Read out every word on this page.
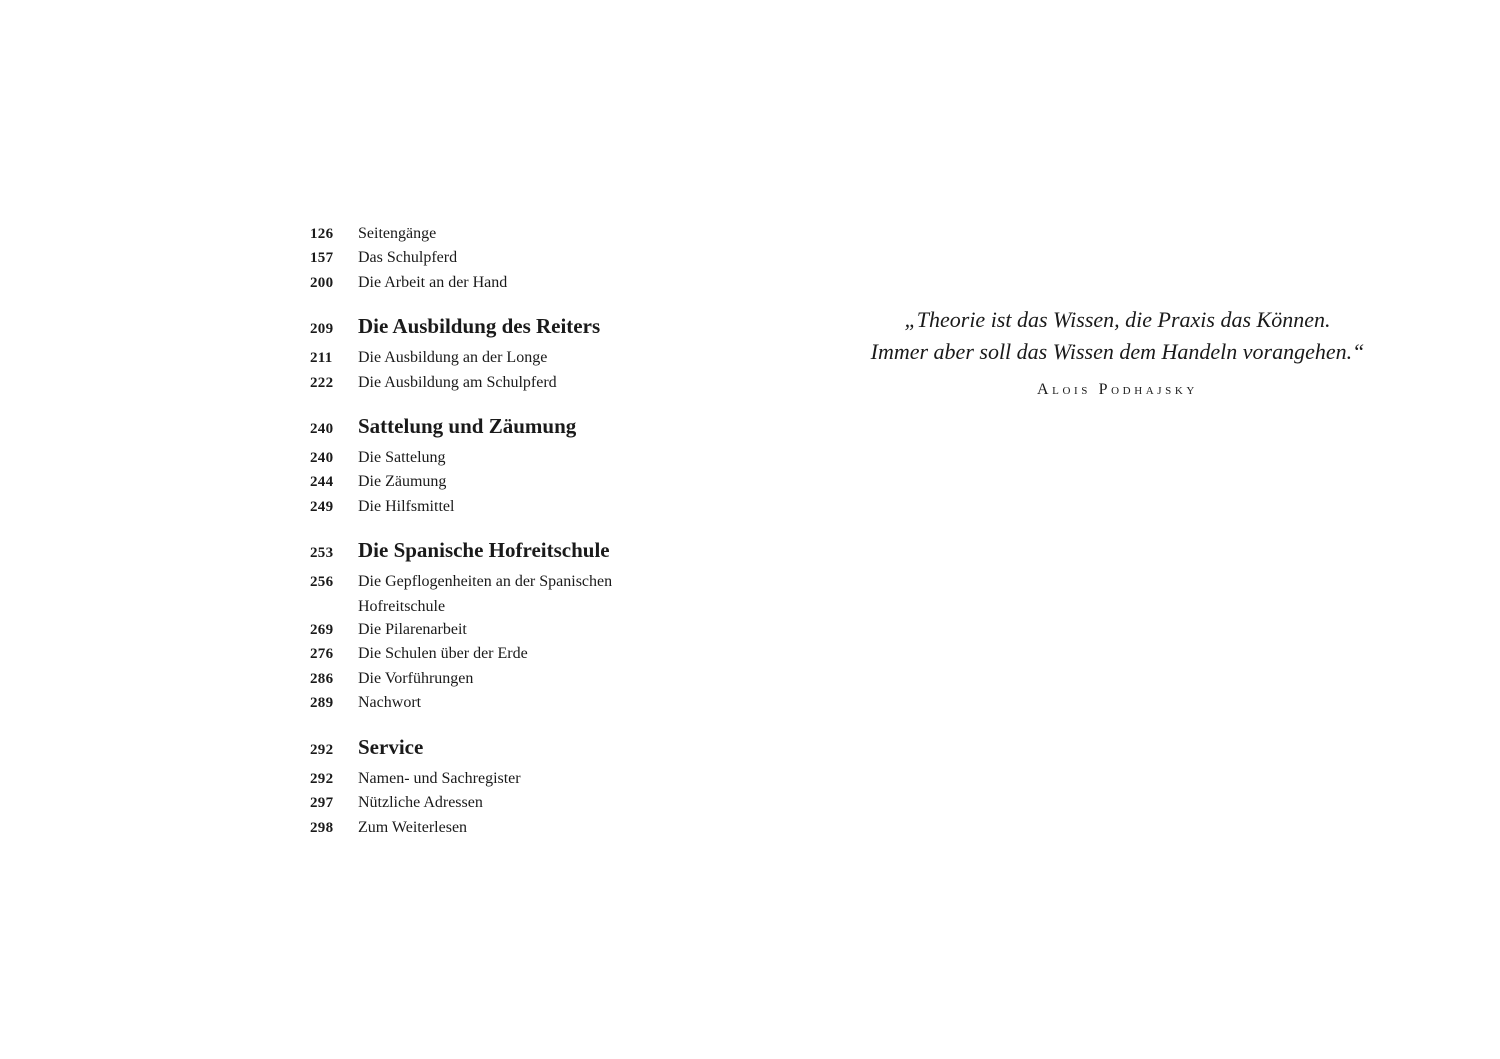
126	Seitengänge
157	Das Schulpferd
200	Die Arbeit an der Hand
209	Die Ausbildung des Reiters
211	Die Ausbildung an der Longe
222	Die Ausbildung am Schulpferd
240	Sattelung und Zäumung
240	Die Sattelung
244	Die Zäumung
249	Die Hilfsmittel
253	Die Spanische Hofreitschule
256	Die Gepflogenheiten an der Spanischen
Hofreitschule
269	Die Pilarenarbeit
276	Die Schulen über der Erde
286	Die Vorführungen
289	Nachwort
292	Service
292	Namen- und Sachregister
297	Nützliche Adressen
298	Zum Weiterlesen
„Theorie ist das Wissen, die Praxis das Können.
Immer aber soll das Wissen dem Handeln vorangehen.“
Alois Podhajsky
